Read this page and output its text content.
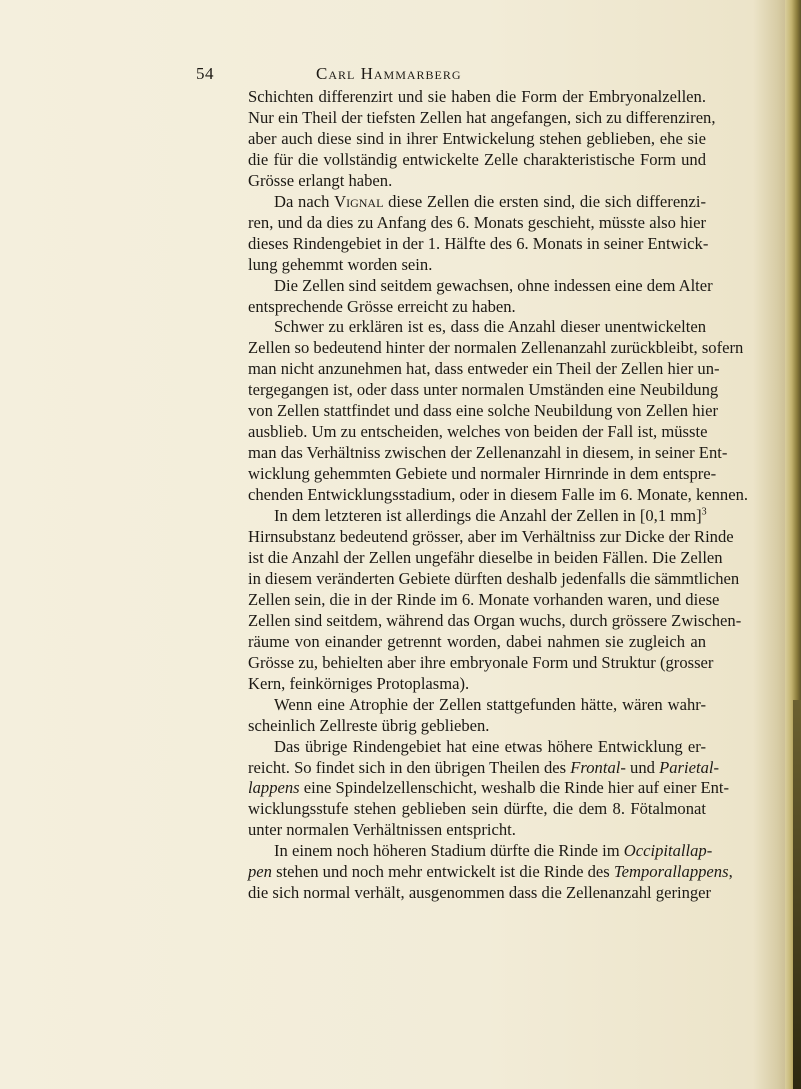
54	Carl Hammarberg
Schichten differenzirt und sie haben die Form der Embryonalzellen.
Nur ein Theil der tiefsten Zellen hat angefangen, sich zu differenziren,
aber auch diese sind in ihrer Entwickelung stehen geblieben, ehe sie
die für die vollständig entwickelte Zelle charakteristische Form und
Grösse erlangt haben.
Da nach Vignal diese Zellen die ersten sind, die sich differenzi-
ren, und da dies zu Anfang des 6. Monats geschieht, müsste also hier
dieses Rindengebiet in der 1. Hälfte des 6. Monats in seiner Entwick-
lung gehemmt worden sein.
Die Zellen sind seitdem gewachsen, ohne indessen eine dem Alter
entsprechende Grösse erreicht zu haben.
Schwer zu erklären ist es, dass die Anzahl dieser unentwickelten
Zellen so bedeutend hinter der normalen Zellenanzahl zurückbleibt, sofern
man nicht anzunehmen hat, dass entweder ein Theil der Zellen hier un-
tergegangen ist, oder dass unter normalen Umständen eine Neubildung
von Zellen stattfindet und dass eine solche Neubildung von Zellen hier
ausblieb. Um zu entscheiden, welches von beiden der Fall ist, müsste
man das Verhältniss zwischen der Zellenanzahl in diesem, in seiner Ent-
wicklung gehemmten Gebiete und normaler Hirnrinde in dem entspre-
chenden Entwicklungsstadium, oder in diesem Falle im 6. Monate, kennen.
In dem letzteren ist allerdings die Anzahl der Zellen in [0,1 mm]$^3$
Hirnsubstanz bedeutend grösser, aber im Verhältniss zur Dicke der Rinde
ist die Anzahl der Zellen ungefähr dieselbe in beiden Fällen. Die Zellen
in diesem veränderten Gebiete dürften deshalb jedenfalls die sämmtlichen
Zellen sein, die in der Rinde im 6. Monate vorhanden waren, und diese
Zellen sind seitdem, während das Organ wuchs, durch grössere Zwischen-
räume von einander getrennt worden, dabei nahmen sie zugleich an
Grösse zu, behielten aber ihre embryonale Form und Struktur (grosser
Kern, feinkörniges Protoplasma).
Wenn eine Atrophie der Zellen stattgefunden hätte, wären wahr-
scheinlich Zellreste übrig geblieben.
Das übrige Rindengebiet hat eine etwas höhere Entwicklung er-
reicht. So findet sich in den übrigen Theilen des Frontal- und Parietal-
lappens eine Spindelzellenschicht, weshalb die Rinde hier auf einer Ent-
wicklungsstufe stehen geblieben sein dürfte, die dem 8. Fötalmonat
unter normalen Verhältnissen entspricht.
In einem noch höheren Stadium dürfte die Rinde im Occipitallap-
pen stehen und noch mehr entwickelt ist die Rinde des Temporallappens,
die sich normal verhält, ausgenommen dass die Zellenanzahl geringer
